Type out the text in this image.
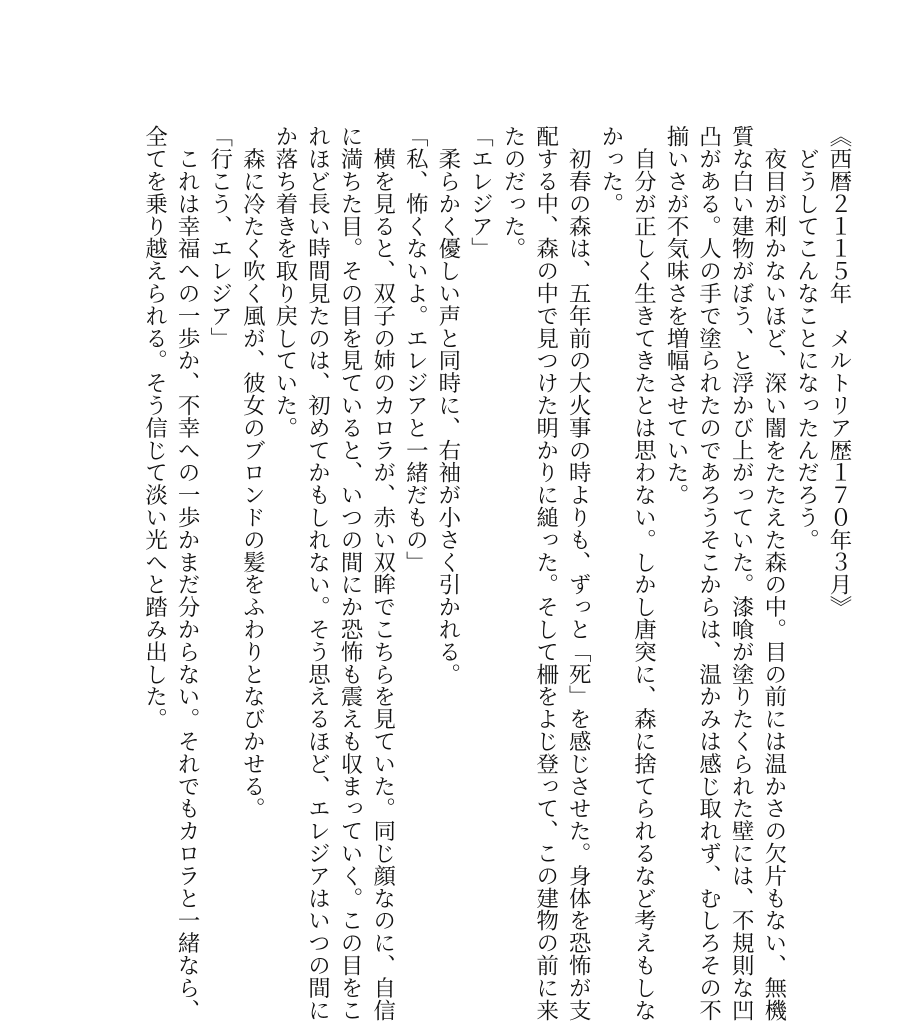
《西暦２１１５年　メルトリア歴１７０年３月》
　どうしてこんなことになったんだろう。
　夜目が利かないほど、深い闇をたたえた森の中。目の前には温かさの欠片もない、無機
質な白い建物がぼう、と浮かび上がっていた。漆喰が塗りたくられた壁には、不規則な凹
凸がある。人の手で塗られたのであろうそこからは、温かみは感じ取れず、むしろその不
揃いさが不気味さを増幅させていた。
　自分が正しく生きてきたとは思わない。しかし唐突に、森に捨てられるなど考えもしな
かった。
　初春の森は、五年前の大火事の時よりも、ずっと「死」を感じさせた。身体を恐怖が支
配する中、森の中で見つけた明かりに縋った。そして柵をよじ登って、この建物の前に来
たのだった。
「エレジア」
　柔らかく優しい声と同時に、右袖が小さく引かれる。
「私、怖くないよ。エレジアと一緒だもの」
　横を見ると、双子の姉のカロラが、赤い双眸でこちらを見ていた。同じ顔なのに、自信
に満ちた目。その目を見ていると、いつの間にか恐怖も震えも収まっていく。この目をこ
れほど長い時間見たのは、初めてかもしれない。そう思えるほど、エレジアはいつの間に
か落ち着きを取り戻していた。
　森に冷たく吹く風が、彼女のブロンドの髪をふわりとなびかせる。
「行こう、エレジア」
　これは幸福への一歩か、不幸への一歩かまだ分からない。それでもカロラと一緒なら、
全てを乗り越えられる。そう信じて淡い光へと踏み出した。
